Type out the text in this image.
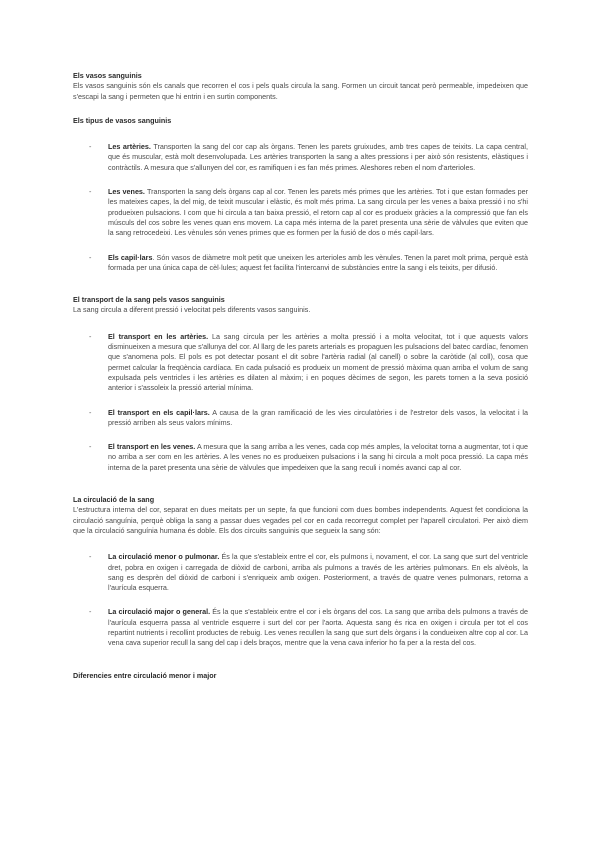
Els vasos sanguinis

Els vasos sanguinis són els canals que recorren el cos i pels quals circula la sang. Formen un circuit tancat però permeable, impedeixen que s'escapi la sang i permeten que hi entrin i en surtin components.

Els tipus de vasos sanguinis

- Les artèries. Transporten la sang del cor cap als òrgans. Tenen les parets gruixudes, amb tres capes de teixits. La capa central, que és muscular, està molt desenvolupada. Les artèries transporten la sang a altes pressions i per això són resistents, elàstiques i contràctils. A mesura que s'allunyen del cor, es ramifiquen i es fan més primes. Aleshores reben el nom d'arterioles.
- Les venes. Transporten la sang dels òrgans cap al cor. Tenen les parets més primes que les artèries. Tot i que estan formades per les mateixes capes, la del mig, de teixit muscular i elàstic, és molt més prima. La sang circula per les venes a baixa pressió i no s'hi produeixen pulsacions. I com que hi circula a tan baixa pressió, el retorn cap al cor es produeix gràcies a la compressió que fan els músculs del cos sobre les venes quan ens movem. La capa més interna de la paret presenta una sèrie de vàlvules que eviten que la sang retrocedeixi. Les vènules són venes primes que es formen per la fusió de dos o més capil·lars.
- Els capil·lars. Són vasos de diàmetre molt petit que uneixen les arterioles amb les vènules. Tenen la paret molt prima, perquè està formada per una única capa de cèl·lules; aquest fet facilita l'intercanvi de substàncies entre la sang i els teixits, per difusió.

El transport de la sang pels vasos sanguinis

La sang circula a diferent pressió i velocitat pels diferents vasos sanguinis.

- El transport en les artèries. La sang circula per les artèries a molta pressió i a molta velocitat, tot i que aquests valors disminueixen a mesura que s'allunya del cor. Al llarg de les parets arterials es propaguen les pulsacions del batec cardíac, fenomen que s'anomena pols. El pols es pot detectar posant el dit sobre l'artèria radial (al canell) o sobre la caròtide (al coll), cosa que permet calcular la freqüència cardíaca. En cada pulsació es produeix un moment de pressió màxima quan arriba el volum de sang expulsada pels ventricles i les artèries es dilaten al màxim; i en poques dècimes de segon, les parets tornen a la seva posició anterior i s'assoleix la pressió arterial mínima.
- El transport en els capil·lars. A causa de la gran ramificació de les vies circulatòries i de l'estretor dels vasos, la velocitat i la pressió arriben als seus valors mínims.
- El transport en les venes. A mesura que la sang arriba a les venes, cada cop més amples, la velocitat torna a augmentar, tot i que no arriba a ser com en les artèries. A les venes no es produeixen pulsacions i la sang hi circula a molt poca pressió. La capa més interna de la paret presenta una sèrie de vàlvules que impedeixen que la sang reculi i només avanci cap al cor.

La circulació de la sang

L'estructura interna del cor, separat en dues meitats per un septe, fa que funcioni com dues bombes independents. Aquest fet condiciona la circulació sanguínia, perquè obliga la sang a passar dues vegades pel cor en cada recorregut complet per l'aparell circulatori. Per això diem que la circulació sanguínia humana és doble. Els dos circuits sanguinis que segueix la sang són:

- La circulació menor o pulmonar. És la que s'estableix entre el cor, els pulmons i, novament, el cor. La sang que surt del ventricle dret, pobra en oxigen i carregada de diòxid de carboni, arriba als pulmons a través de les artèries pulmonars. En els alvèols, la sang es desprèn del diòxid de carboni i s'enriqueix amb oxigen. Posteriorment, a través de quatre venes pulmonars, retorna a l'aurícula esquerra.
- La circulació major o general. És la que s'estableix entre el cor i els òrgans del cos. La sang que arriba dels pulmons a través de l'aurícula esquerra passa al ventricle esquerre i surt del cor per l'aorta. Aquesta sang és rica en oxigen i circula per tot el cos repartint nutrients i recollint productes de rebuig. Les venes recullen la sang que surt dels òrgans i la condueixen altre cop al cor. La vena cava superior recull la sang del cap i dels braços, mentre que la vena cava inferior ho fa per a la resta del cos.

Diferencies entre circulació menor i major
